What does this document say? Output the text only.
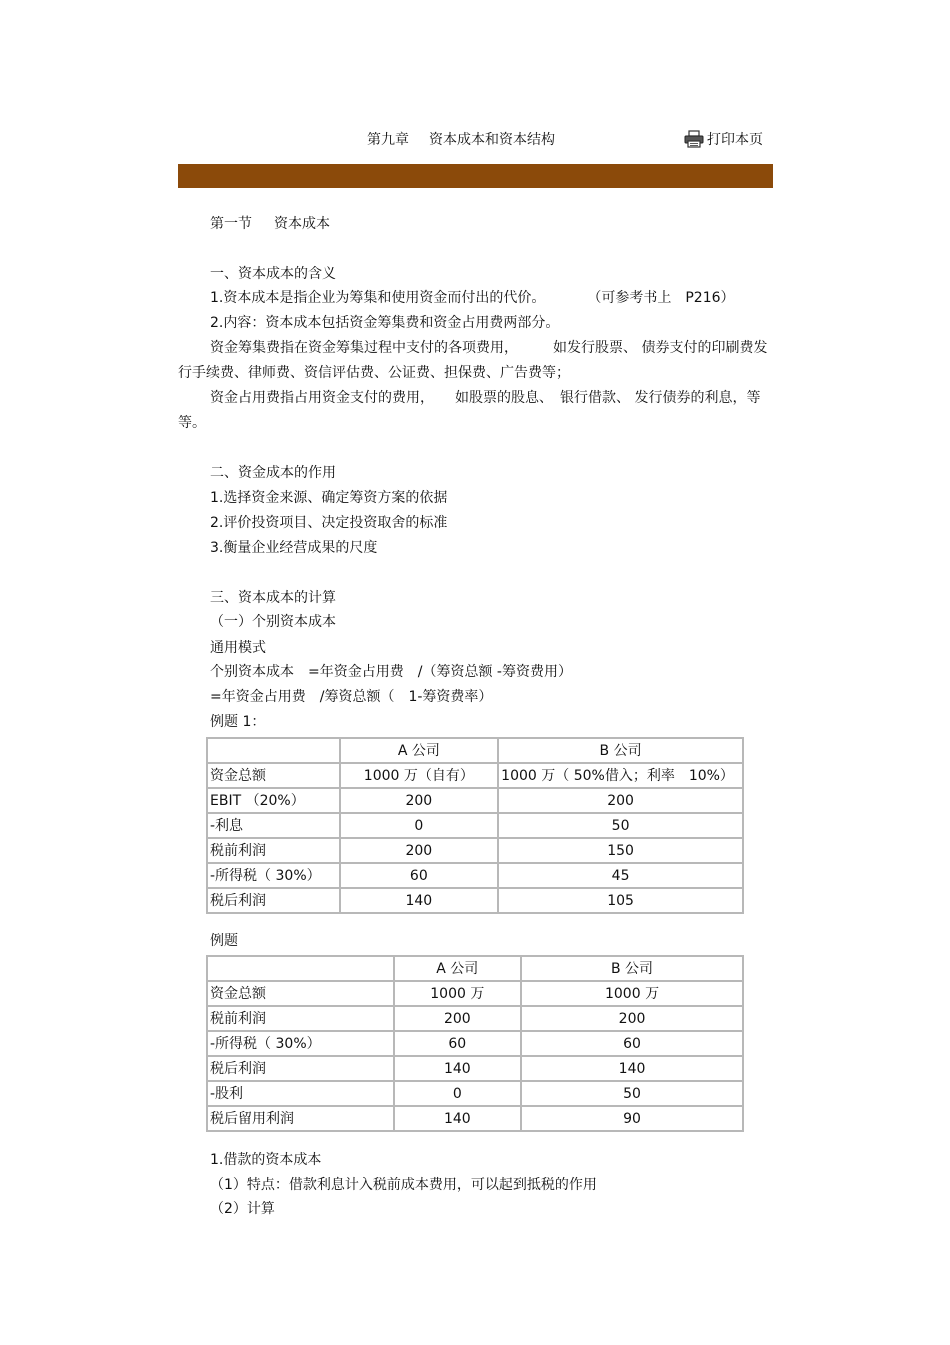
第九章 资本成本和资本结构	打印本页
第一节 资本成本
一、资本成本的含义
1.资本成本是指企业为筹集和使用资金而付出的代价。	（可参考书上　P216）
2.内容：资本成本包括资金筹集费和资金占用费两部分。
资金筹集费指在资金筹集过程中支付的各项费用，　　　如发行股票、 债券支付的印刷费发行手续费、律师费、资信评估费、公证费、担保费、广告费等；
资金占用费指占用资金支付的费用，　　如股票的股息、　银行借款、 发行债券的利息，等等。
二、资金成本的作用
1.选择资金来源、确定筹资方案的依据
2.评价投资项目、决定投资取舍的标准
3.衡量企业经营成果的尺度
三、资本成本的计算
（一）个别资本成本
通用模式
个别资本成本　=年资金占用费　/（筹资总额 -筹资费用）
=年资金占用费　/筹资总额（　1-筹资费率）
例题 1：
	A 公司	B 公司
资金总额	1000 万（自有）	1000 万（ 50%借入；利率　10%）
EBIT （20%）	200	200
-利息	0	50
税前利润	200	150
-所得税（ 30%）	60	45
税后利润	140	105
例题
	A 公司	B 公司
资金总额	1000 万	1000 万
税前利润	200	200
-所得税（ 30%）	60	60
税后利润	140	140
-股利	0	50
税后留用利润	140	90
1.借款的资本成本
（1）特点：借款利息计入税前成本费用，可以起到抵税的作用
（2）计算
